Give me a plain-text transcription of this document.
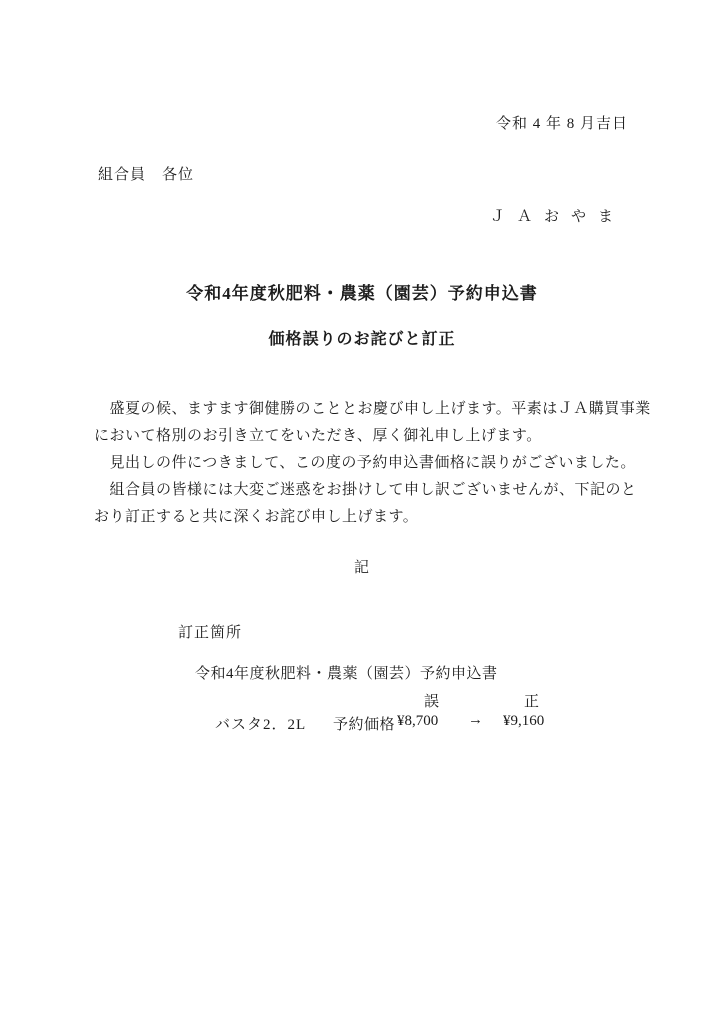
令和 4 年 8 月吉日
組合員　各位
ＪＡおやま
令和4年度秋肥料・農薬（園芸）予約申込書
価格誤りのお詫びと訂正
　盛夏の候、ますます御健勝のこととお慶び申し上げます。平素はＪＡ購買事業
において格別のお引き立てをいただき、厚く御礼申し上げます。
　見出しの件につきまして、この度の予約申込書価格に誤りがございました。
　組合員の皆様には大変ご迷惑をお掛けして申し訳ございませんが、下記のと
おり訂正すると共に深くお詫び申し上げます。
記
訂正箇所
令和4年度秋肥料・農薬（園芸）予約申込書
誤	正
バスタ2．2L 予約価格 ¥8,700 → ¥9,160
